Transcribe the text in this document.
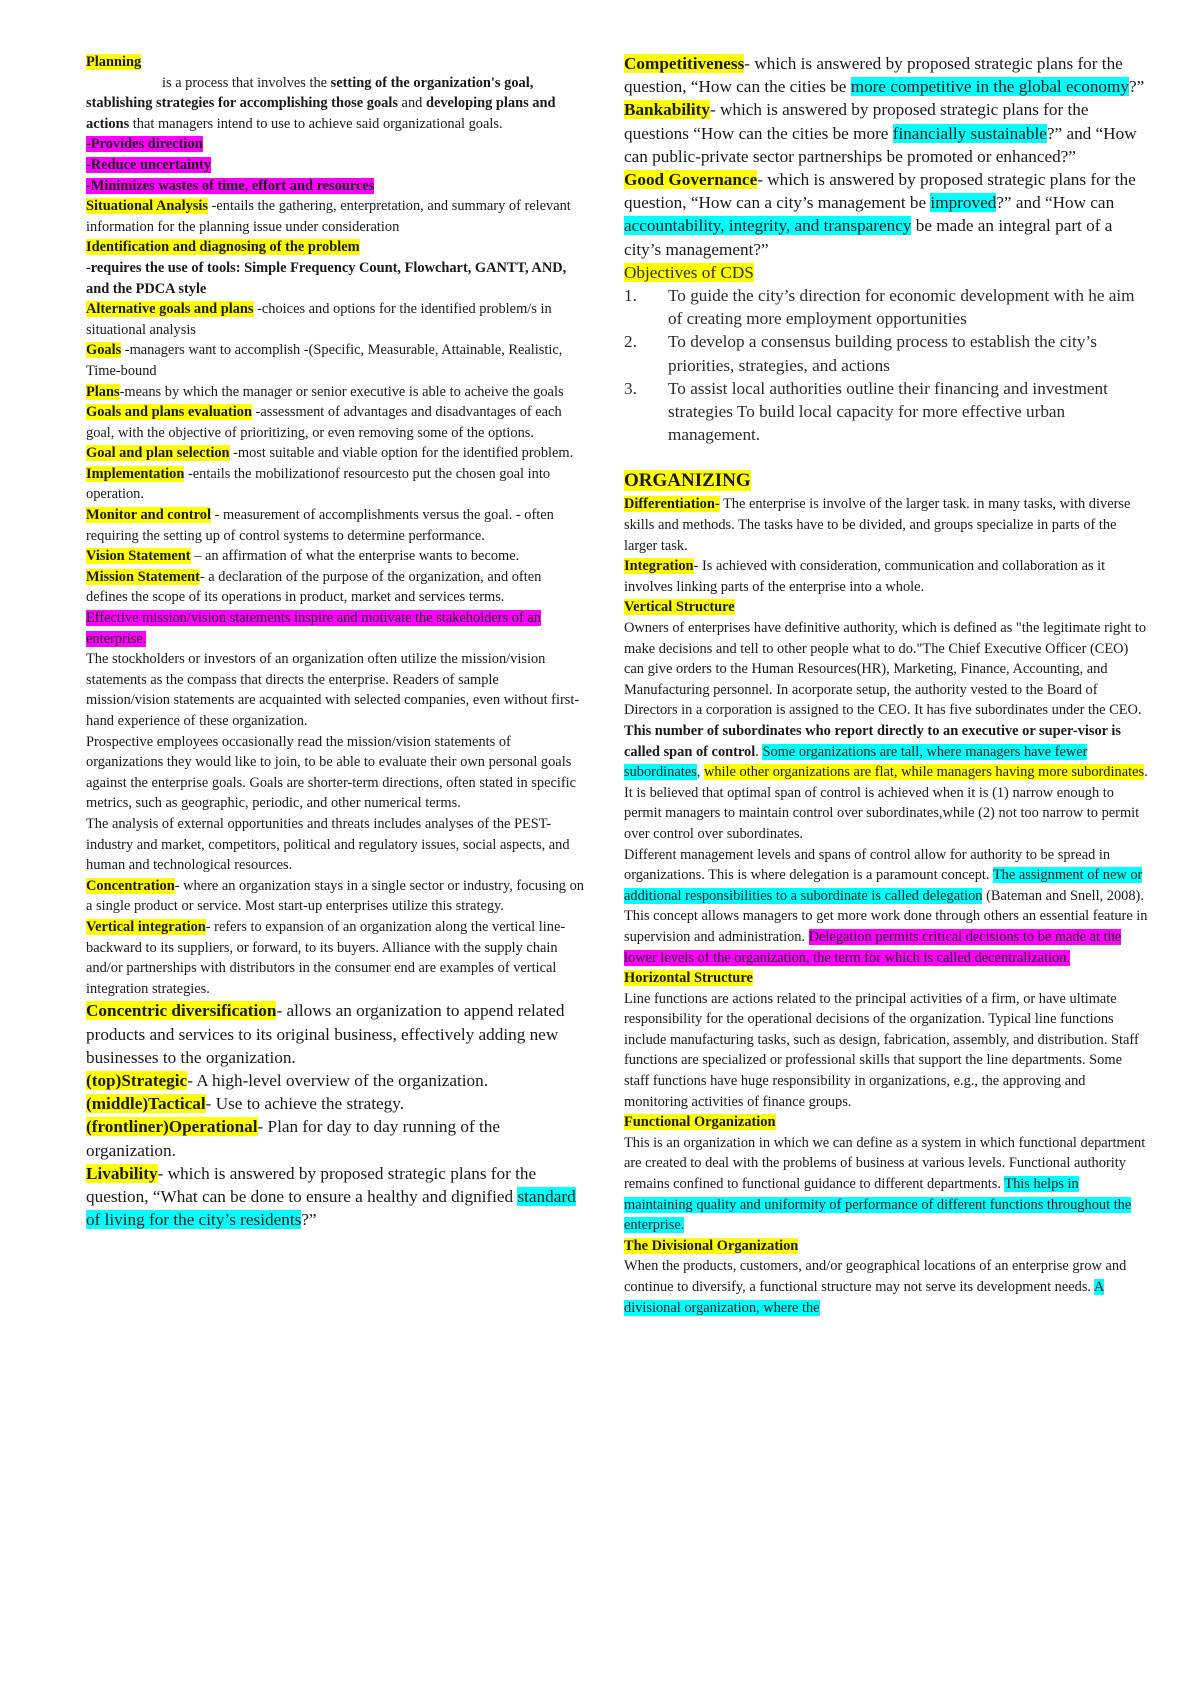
Planning
is a process that involves the setting of the organization's goal, stablishing strategies for accomplishing those goals and developing plans and actions that managers intend to use to achieve said organizational goals.

-Provides direction

-Reduce uncertainty

-Minimizes wastes of time, effort and resources

Situational Analysis -entails the gathering, enterpretation, and summary of relevant information for the planning issue under consideration

Identification and diagnosing of the problem

-requires the use of tools: Simple Frequency Count, Flowchart, GANTT, AND, and the PDCA style

Alternative goals and plans -choices and options for the identified problem/s in situational analysis

Goals -managers want to accomplish -(Specific, Measurable, Attainable, Realistic, Time-bound

Plans-means by which the manager or senior executive is able to acheive the goals

Goals and plans evaluation -assessment of advantages and disadvantages of each goal, with the objective of prioritizing, or even removing some of the options.

Goal and plan selection -most suitable and viable option for the identified problem.

Implementation -entails the mobilizationof resourcesto put the chosen goal into operation.

Monitor and control - measurement of accomplishments versus the goal. - often requiring the setting up of control systems to determine performance.

Vision Statement – an affirmation of what the enterprise wants to become.

Mission Statement- a declaration of the purpose of the organization, and often defines the scope of its operations in product, market and services terms.

Effective mission/vision statements inspire and motivate the stakeholders of an enterprise.

The stockholders or investors of an organization often utilize the mission/vision statements as the compass that directs the enterprise. Readers of sample mission/vision statements are acquainted with selected companies, even without first-hand experience of these organization.

Prospective employees occasionally read the mission/vision statements of organizations they would like to join, to be able to evaluate their own personal goals against the enterprise goals. Goals are shorter-term directions, often stated in specific metrics, such as geographic, periodic, and other numerical terms.

The analysis of external opportunities and threats includes analyses of the PEST- industry and market, competitors, political and regulatory issues, social aspects, and human and technological resources.

Concentration- where an organization stays in a single sector or industry, focusing on a single product or service. Most start-up enterprises utilize this strategy.

Vertical integration- refers to expansion of an organization along the vertical line-backward to its suppliers, or forward, to its buyers. Alliance with the supply chain and/or partnerships with distributors in the consumer end are examples of vertical integration strategies.

Concentric diversification- allows an organization to append related products and services to its original business, effectively adding new businesses to the organization.

(top)Strategic- A high-level overview of the organization.

(middle)Tactical- Use to achieve the strategy.

(frontliner)Operational- Plan for day to day running of the organization.

Livability- which is answered by proposed strategic plans for the question, “What can be done to ensure a healthy and dignified standard of living for the city’s residents?”

Competitiveness- which is answered by proposed strategic plans for the question, “How can the cities be more competitive in the global economy?”

Bankability- which is answered by proposed strategic plans for the questions “How can the cities be more financially sustainable?” and “How can public-private sector partnerships be promoted or enhanced?”

Good Governance- which is answered by proposed strategic plans for the question, “How can a city’s management be improved?” and “How can accountability, integrity, and transparency be made an integral part of a city’s management?”

Objectives of CDS

1. To guide the city’s direction for economic development with he aim of creating more employment opportunities
2. To develop a consensus building process to establish the city’s priorities, strategies, and actions
3. To assist local authorities outline their financing and investment strategies To build local capacity for more effective urban management.

ORGANIZING

Differentiation- The enterprise is involve of the larger task. in many tasks, with diverse skills and methods. The tasks have to be divided, and groups specialize in parts of the larger task.

Integration- Is achieved with consideration, communication and collaboration as it involves linking parts of the enterprise into a whole.

Vertical Structure

Owners of enterprises have definitive authority, which is defined as "the legitimate right to make decisions and tell to other people what to do."The Chief Executive Officer (CEO) can give orders to the Human Resources(HR), Marketing, Finance, Accounting, and Manufacturing personnel. In acorporate setup, the authority vested to the Board of Directors in a corporation is assigned to the CEO. It has five subordinates under the CEO. This number of subordinates who report directly to an executive or super-visor is called span of control. Some organizations are tall, where managers have fewer subordinates, while other organizations are flat, while managers having more subordinates. It is believed that optimal span of control is achieved when it is (1) narrow enough to permit managers to maintain control over subordinates,while (2) not too narrow to permit over control over subordinates.

Different management levels and spans of control allow for authority to be spread in organizations. This is where delegation is a paramount concept. The assignment of new or additional responsibilities to a subordinate is called delegation (Bateman and Snell, 2008). This concept allows managers to get more work done through others an essential feature in supervision and administration. Delegation permits critical decisions to be made at the lower levels of the organization, the term for which is called decentralization.

Horizontal Structure

Line functions are actions related to the principal activities of a firm, or have ultimate responsibility for the operational decisions of the organization. Typical line functions include manufacturing tasks, such as design, fabrication, assembly, and distribution. Staff functions are specialized or professional skills that support the line departments. Some staff functions have huge responsibility in organizations, e.g., the approving and monitoring activities of finance groups.

Functional Organization

This is an organization in which we can define as a system in which functional department are created to deal with the problems of business at various levels. Functional authority remains confined to functional guidance to different departments. This helps in maintaining quality and uniformity of performance of different functions throughout the enterprise.

The Divisional Organization

When the products, customers, and/or geographical locations of an enterprise grow and continue to diversify, a functional structure may not serve its development needs. A divisional organization, where the
